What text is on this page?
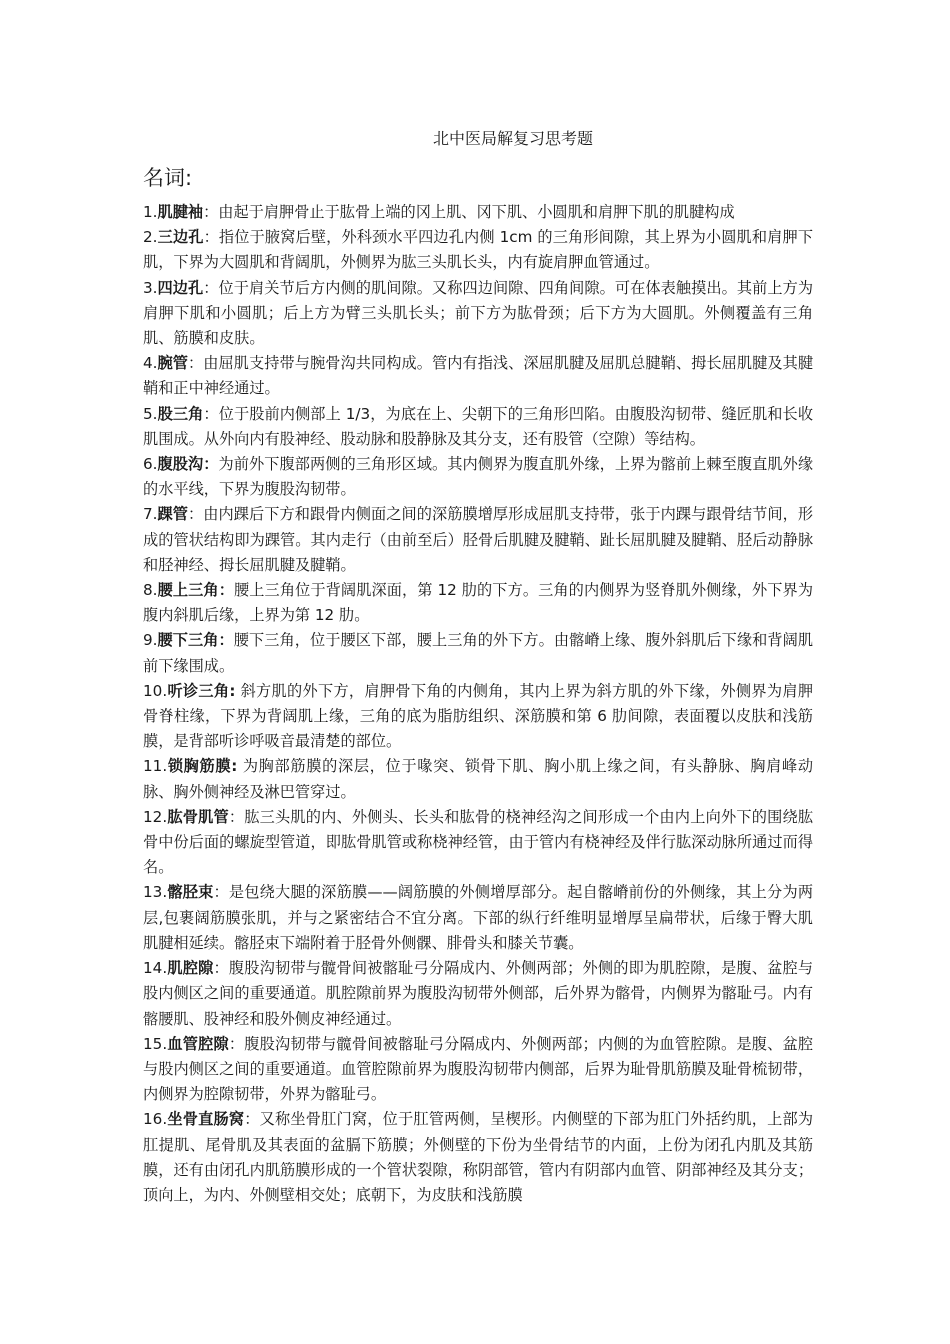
北中医局解复习思考题
名词:

1.肌腱袖：由起于肩胛骨止于肱骨上端的冈上肌、冈下肌、小圆肌和肩胛下肌的肌腱构成

2.三边孔：指位于腋窝后壁，外科颈水平四边孔内侧 1cm 的三角形间隙，其上界为小圆肌和肩胛下肌，下界为大圆肌和背阔肌，外侧界为肱三头肌长头，内有旋肩胛血管通过。

3.四边孔：位于肩关节后方内侧的肌间隙。又称四边间隙、四角间隙。可在体表触摸出。其前上方为肩胛下肌和小圆肌；后上方为臂三头肌长头；前下方为肱骨颈；后下方为大圆肌。外侧覆盖有三角肌、筋膜和皮肤。

4.腕管：由屈肌支持带与腕骨沟共同构成。管内有指浅、深屈肌腱及屈肌总腱鞘、拇长屈肌腱及其腱鞘和正中神经通过。

5.股三角：位于股前内侧部上 1/3，为底在上、尖朝下的三角形凹陷。由腹股沟韧带、缝匠肌和长收肌围成。从外向内有股神经、股动脉和股静脉及其分支，还有股管（空隙）等结构。

6.腹股沟：为前外下腹部两侧的三角形区域。其内侧界为腹直肌外缘，上界为髂前上棘至腹直肌外缘的水平线，下界为腹股沟韧带。

7.踝管：由内踝后下方和跟骨内侧面之间的深筋膜增厚形成屈肌支持带，张于内踝与跟骨结节间，形成的管状结构即为踝管。其内走行（由前至后）胫骨后肌腱及腱鞘、趾长屈肌腱及腱鞘、胫后动静脉和胫神经、拇长屈肌腱及腱鞘。

8.腰上三角：腰上三角位于背阔肌深面，第 12 肋的下方。三角的内侧界为竖脊肌外侧缘，外下界为腹内斜肌后缘，上界为第 12 肋。

9.腰下三角：腰下三角，位于腰区下部，腰上三角的外下方。由髂嵴上缘、腹外斜肌后下缘和背阔肌前下缘围成。

10.听诊三角: 斜方肌的外下方，肩胛骨下角的内侧角，其内上界为斜方肌的外下缘，外侧界为肩胛骨脊柱缘，下界为背阔肌上缘，三角的底为脂肪组织、深筋膜和第 6 肋间隙，表面覆以皮肤和浅筋膜，是背部听诊呼吸音最清楚的部位。

11.锁胸筋膜: 为胸部筋膜的深层，位于喙突、锁骨下肌、胸小肌上缘之间，有头静脉、胸肩峰动脉、胸外侧神经及淋巴管穿过。

12.肱骨肌管：肱三头肌的内、外侧头、长头和肱骨的桡神经沟之间形成一个由内上向外下的围绕肱骨中份后面的螺旋型管道，即肱骨肌管或称桡神经管，由于管内有桡神经及伴行肱深动脉所通过而得名。

13.髂胫束：是包绕大腿的深筋膜——阔筋膜的外侧增厚部分。起自髂嵴前份的外侧缘，其上分为两层,包裹阔筋膜张肌，并与之紧密结合不宜分离。下部的纵行纤维明显增厚呈扁带状，后缘于臀大肌肌腱相延续。髂胫束下端附着于胫骨外侧髁、腓骨头和膝关节囊。

14.肌腔隙：腹股沟韧带与髋骨间被髂耻弓分隔成内、外侧两部；外侧的即为肌腔隙，是腹、盆腔与股内侧区之间的重要通道。肌腔隙前界为腹股沟韧带外侧部，后外界为髂骨，内侧界为髂耻弓。内有髂腰肌、股神经和股外侧皮神经通过。

15.血管腔隙：腹股沟韧带与髋骨间被髂耻弓分隔成内、外侧两部；内侧的为血管腔隙。是腹、盆腔与股内侧区之间的重要通道。血管腔隙前界为腹股沟韧带内侧部，后界为耻骨肌筋膜及耻骨梳韧带，内侧界为腔隙韧带，外界为髂耻弓。

16.坐骨直肠窝：又称坐骨肛门窝，位于肛管两侧，呈楔形。内侧壁的下部为肛门外括约肌，上部为肛提肌、尾骨肌及其表面的盆膈下筋膜；外侧壁的下份为坐骨结节的内面，上份为闭孔内肌及其筋膜，还有由闭孔内肌筋膜形成的一个管状裂隙，称阴部管，管内有阴部内血管、阴部神经及其分支；顶向上，为内、外侧壁相交处；底朝下，为皮肤和浅筋膜
